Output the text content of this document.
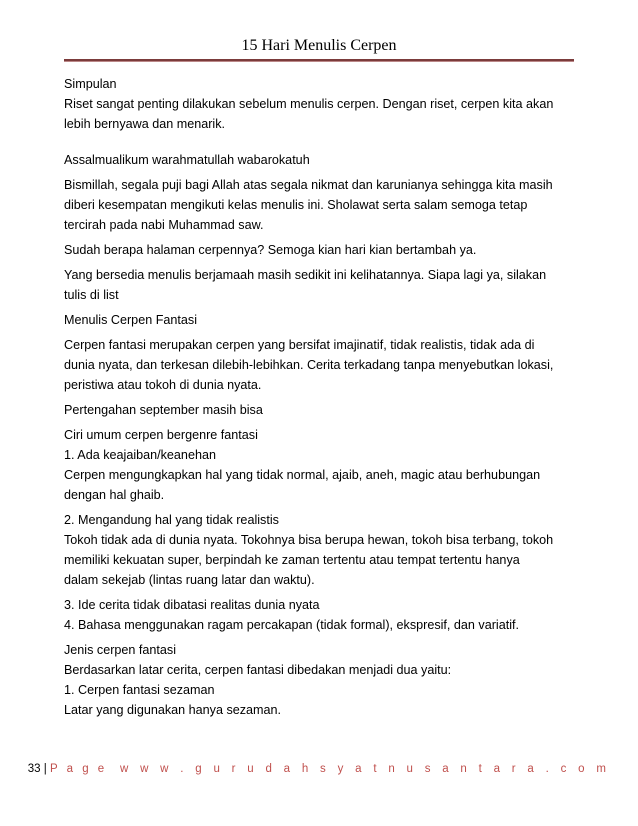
15 Hari Menulis Cerpen
Simpulan
Riset sangat penting dilakukan sebelum menulis cerpen. Dengan riset, cerpen kita akan
lebih bernyawa dan menarik.
Assalmualikum warahmatullah wabarokatuh
Bismillah, segala puji bagi Allah atas segala nikmat dan karunianya sehingga kita masih
diberi kesempatan mengikuti kelas menulis ini. Sholawat serta salam semoga tetap
tercirah pada nabi Muhammad saw.
Sudah berapa halaman cerpennya? Semoga kian hari kian bertambah ya.
Yang bersedia menulis berjamaah masih sedikit ini kelihatannya. Siapa lagi ya, silakan
tulis di list
Menulis Cerpen Fantasi
Cerpen fantasi merupakan cerpen yang bersifat imajinatif, tidak realistis, tidak ada di
dunia nyata, dan terkesan dilebih-lebihkan. Cerita terkadang tanpa menyebutkan lokasi,
peristiwa atau tokoh di dunia nyata.
Pertengahan september masih bisa
Ciri umum cerpen bergenre fantasi
1. Ada keajaiban/keanehan
Cerpen mengungkapkan hal yang tidak normal, ajaib, aneh, magic atau berhubungan
dengan hal ghaib.
2. Mengandung hal yang tidak realistis
Tokoh tidak ada di dunia nyata. Tokohnya bisa berupa hewan, tokoh bisa terbang, tokoh
memiliki kekuatan super, berpindah ke zaman tertentu atau tempat tertentu hanya
dalam sekejab (lintas ruang latar dan waktu).
3. Ide cerita tidak dibatasi realitas dunia nyata
4. Bahasa menggunakan ragam percakapan (tidak formal), ekspresif, dan variatif.
Jenis cerpen fantasi
Berdasarkan latar cerita, cerpen fantasi dibedakan menjadi dua yaitu:
1. Cerpen fantasi sezaman
Latar yang digunakan hanya sezaman.
33 | P a g e w w w . g u r u d a h s y a t n u s a n t a r a . c o m
